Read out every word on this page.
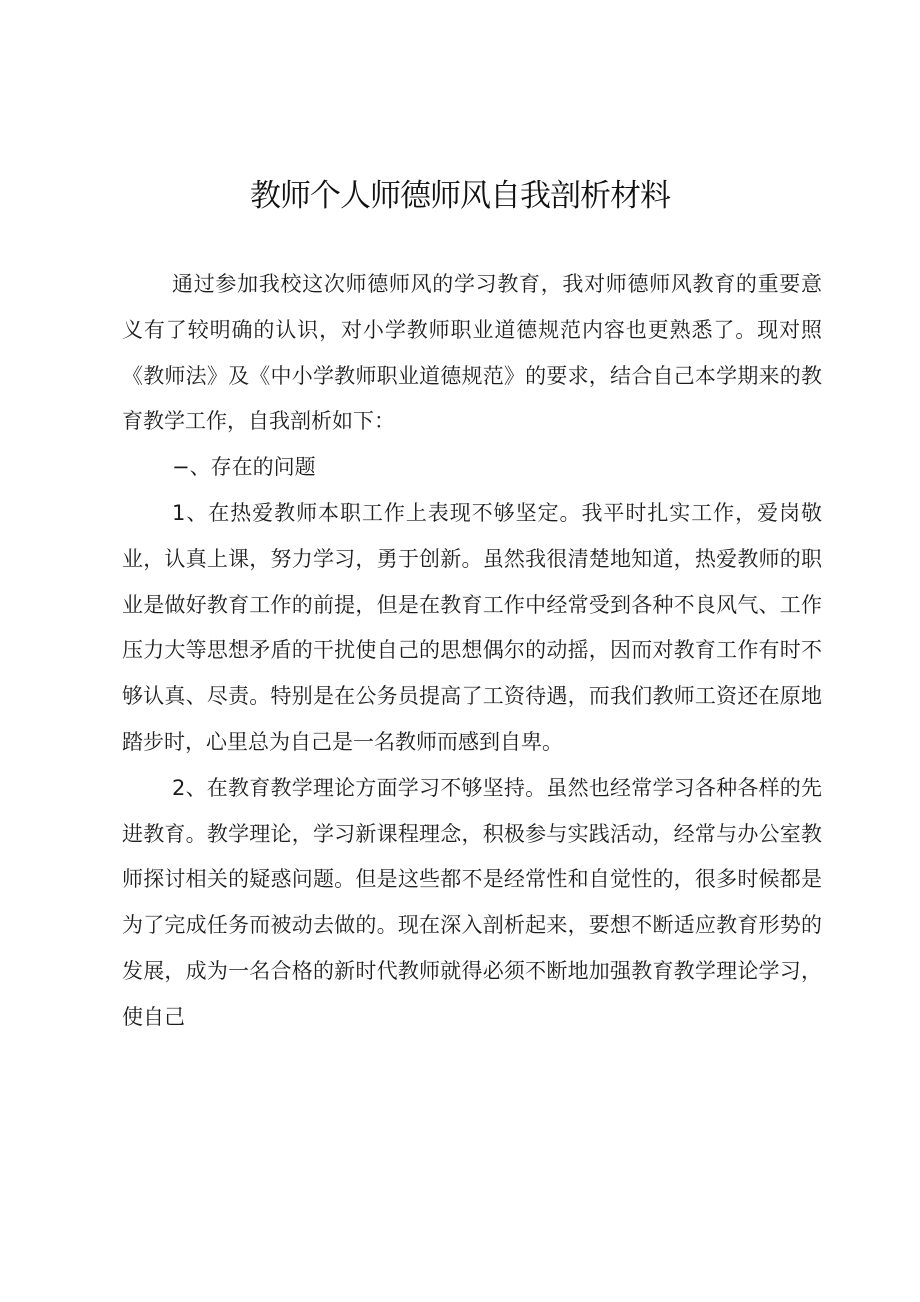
教师个人师德师风自我剖析材料

通过参加我校这次师德师风的学习教育，我对师德师风教育的重要意义有了较明确的认识，对小学教师职业道德规范内容也更熟悉了。现对照《教师法》及《中小学教师职业道德规范》的要求，结合自己本学期来的教育教学工作，自我剖析如下：

−、存在的问题

1、在热爱教师本职工作上表现不够坚定。我平时扎实工作，爱岗敬业，认真上课，努力学习，勇于创新。虽然我很清楚地知道，热爱教师的职业是做好教育工作的前提，但是在教育工作中经常受到各种不良风气、工作压力大等思想矛盾的干扰使自己的思想偶尔的动摇，因而对教育工作有时不够认真、尽责。特别是在公务员提高了工资待遇，而我们教师工资还在原地踏步时，心里总为自己是一名教师而感到自卑。

2、在教育教学理论方面学习不够坚持。虽然也经常学习各种各样的先进教育。教学理论，学习新课程理念，积极参与实践活动，经常与办公室教师探讨相关的疑惑问题。但是这些都不是经常性和自觉性的，很多时候都是为了完成任务而被动去做的。现在深入剖析起来，要想不断适应教育形势的发展，成为一名合格的新时代教师就得必须不断地加强教育教学理论学习，使自己
